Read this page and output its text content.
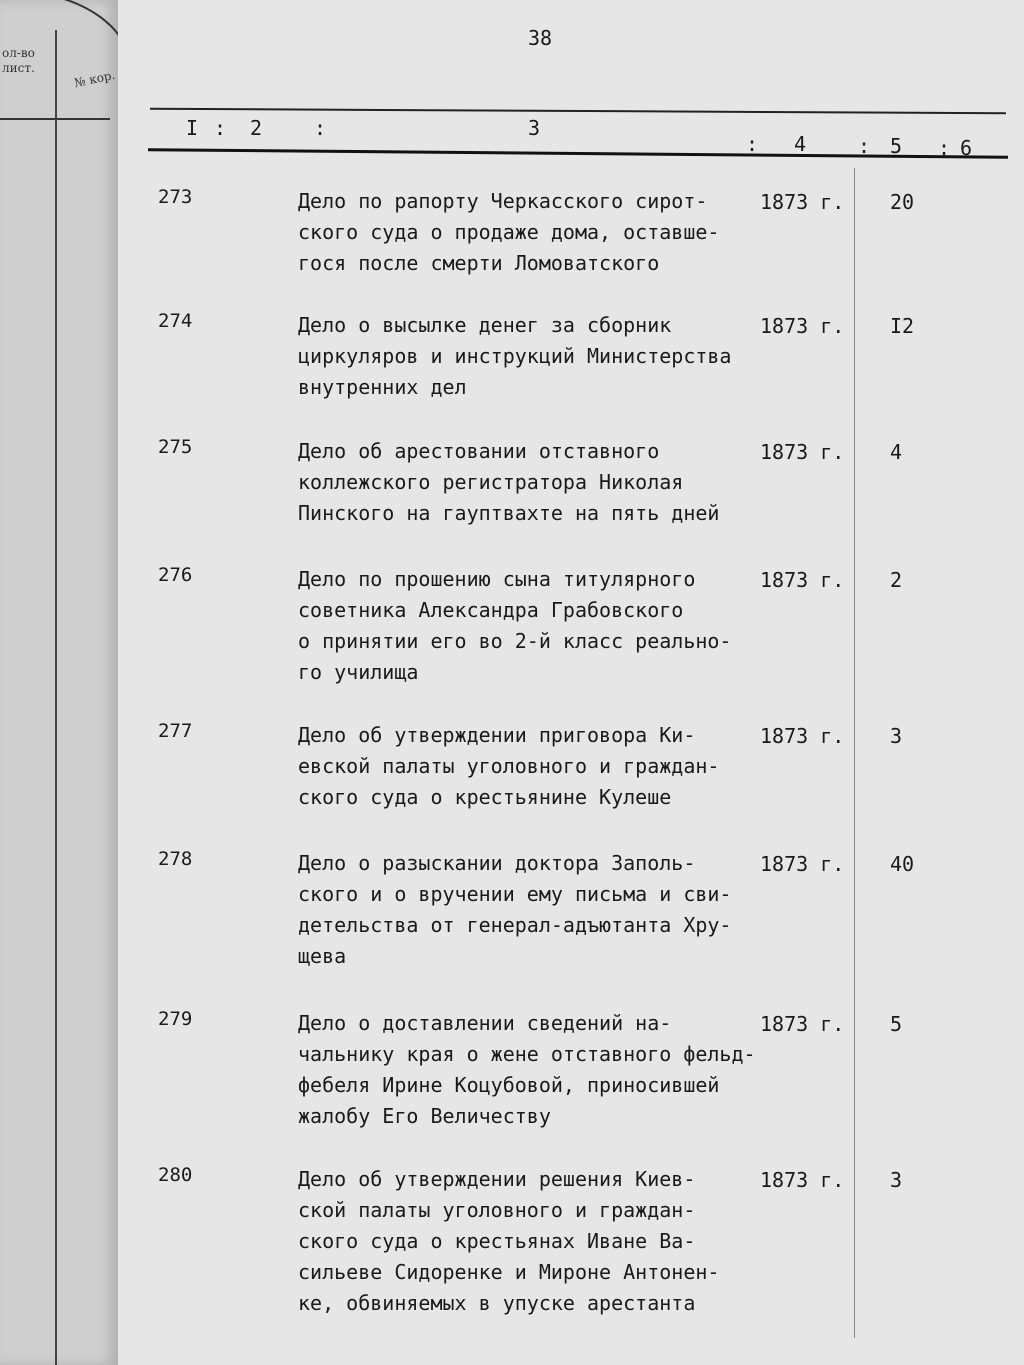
ол-во
лист.	№ кор.
38
I : 2	:	3
: 4	: 5 : 6
273	Дело по рапорту Черкасского сирот-
ского суда о продаже дома, оставше-
гося после смерти Ломоватского
1873 г. 20
274	Дело о высылке денег за сборник
циркуляров и инструкций Министерства
внутренних дел
1873 г. I2
275	Дело об арестовании отставного
коллежского регистратора Николая
Пинского на гауптвахте на пять дней
1873 г. 4
276	Дело по прошению сына титулярного
советника Александра Грабовского
о принятии его во 2-й класс реально-
го училища
1873 г. 2
277	Дело об утверждении приговора Ки-
евской палаты уголовного и граждан-
ского суда о крестьянине Кулеше
1873 г. 3
278	Дело о разыскании доктора Заполь-
ского и о вручении ему письма и сви-
детельства от генерал-адъютанта Хру-
щева
1873 г. 40
279	Дело о доставлении сведений на-
чальнику края о жене отставного фельд-
фебеля Ирине Коцубовой, приносившей
жалобу Его Величеству
1873 г. 5
280	Дело об утверждении решения Киев-
ской палаты уголовного и граждан-
ского суда о крестьянах Иване Ва-
сильеве Сидоренке и Мироне Антонен-
ке, обвиняемых в упуске арестанта
1873 г. 3
